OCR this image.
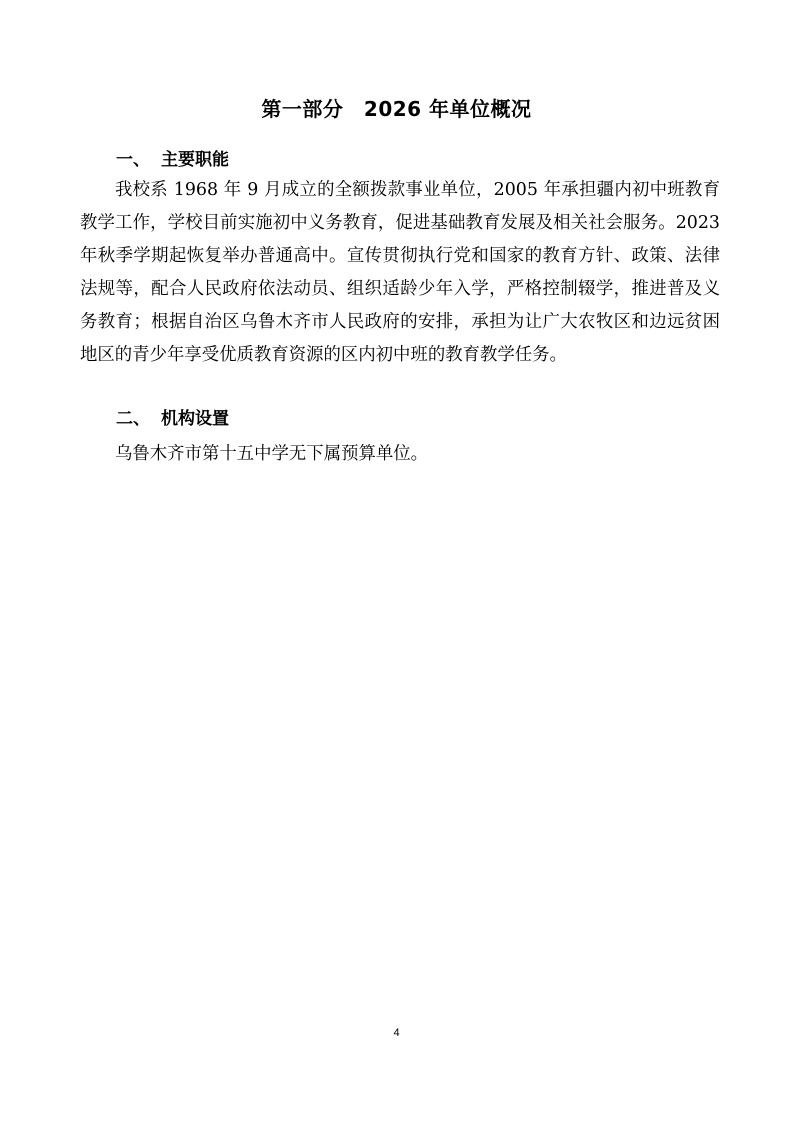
第一部分　2026 年单位概况
一、 主要职能

我校系 1968 年 9 月成立的全额拨款事业单位，2005 年承担疆内初中班教育教学工作，学校目前实施初中义务教育，促进基础教育发展及相关社会服务。2023 年秋季学期起恢复举办普通高中。宣传贯彻执行党和国家的教育方针、政策、法律法规等，配合人民政府依法动员、组织适龄少年入学，严格控制辍学，推进普及义务教育；根据自治区乌鲁木齐市人民政府的安排，承担为让广大农牧区和边远贫困地区的青少年享受优质教育资源的区内初中班的教育教学任务。

二、 机构设置

乌鲁木齐市第十五中学无下属预算单位。

4
